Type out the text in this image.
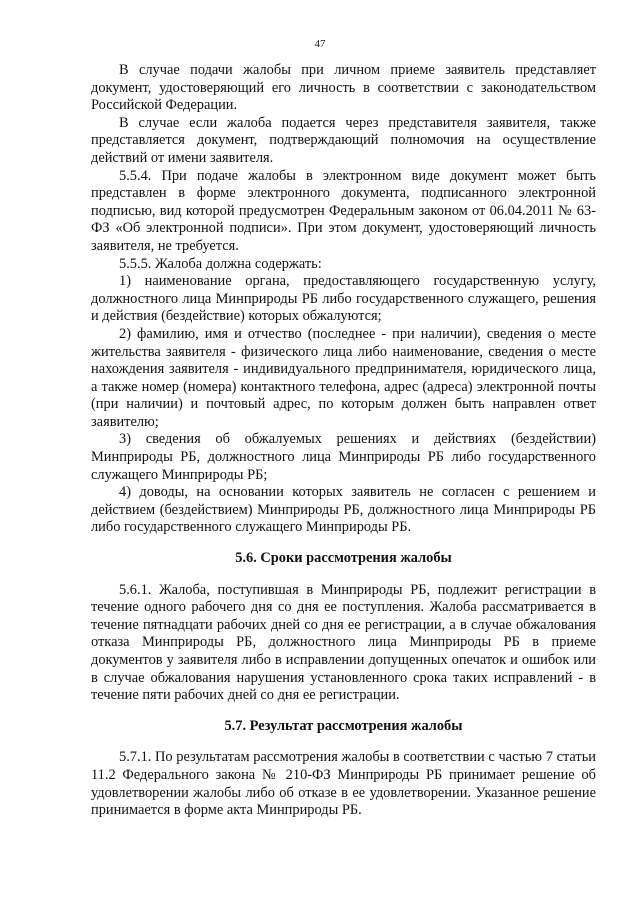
47

В случае подачи жалобы при личном приеме заявитель представляет документ, удостоверяющий его личность в соответствии с законодательством Российской Федерации.

В случае если жалоба подается через представителя заявителя, также представляется документ, подтверждающий полномочия на осуществление действий от имени заявителя.

5.5.4. При подаче жалобы в электронном виде документ может быть представлен в форме электронного документа, подписанного электронной подписью, вид которой предусмотрен Федеральным законом от 06.04.2011 № 63-ФЗ «Об электронной подписи». При этом документ, удостоверяющий личность заявителя, не требуется.

5.5.5. Жалоба должна содержать:

1) наименование органа, предоставляющего государственную услугу, должностного лица Минприроды РБ либо государственного служащего, решения и действия (бездействие) которых обжалуются;

2) фамилию, имя и отчество (последнее - при наличии), сведения о месте жительства заявителя - физического лица либо наименование, сведения о месте нахождения заявителя - индивидуального предпринимателя, юридического лица, а также номер (номера) контактного телефона, адрес (адреса) электронной почты (при наличии) и почтовый адрес, по которым должен быть направлен ответ заявителю;

3) сведения об обжалуемых решениях и действиях (бездействии) Минприроды РБ, должностного лица Минприроды РБ либо государственного служащего Минприроды РБ;

4) доводы, на основании которых заявитель не согласен с решением и действием (бездействием) Минприроды РБ, должностного лица Минприроды РБ либо государственного служащего Минприроды РБ.

5.6. Сроки рассмотрения жалобы

5.6.1. Жалоба, поступившая в Минприроды РБ, подлежит регистрации в течение одного рабочего дня со дня ее поступления. Жалоба рассматривается в течение пятнадцати рабочих дней со дня ее регистрации, а в случае обжалования отказа Минприроды РБ, должностного лица Минприроды РБ в приеме документов у заявителя либо в исправлении допущенных опечаток и ошибок или в случае обжалования нарушения установленного срока таких исправлений - в течение пяти рабочих дней со дня ее регистрации.

5.7. Результат рассмотрения жалобы

5.7.1. По результатам рассмотрения жалобы в соответствии с частью 7 статьи 11.2 Федерального закона № 210-ФЗ Минприроды РБ принимает решение об удовлетворении жалобы либо об отказе в ее удовлетворении. Указанное решение принимается в форме акта Минприроды РБ.
